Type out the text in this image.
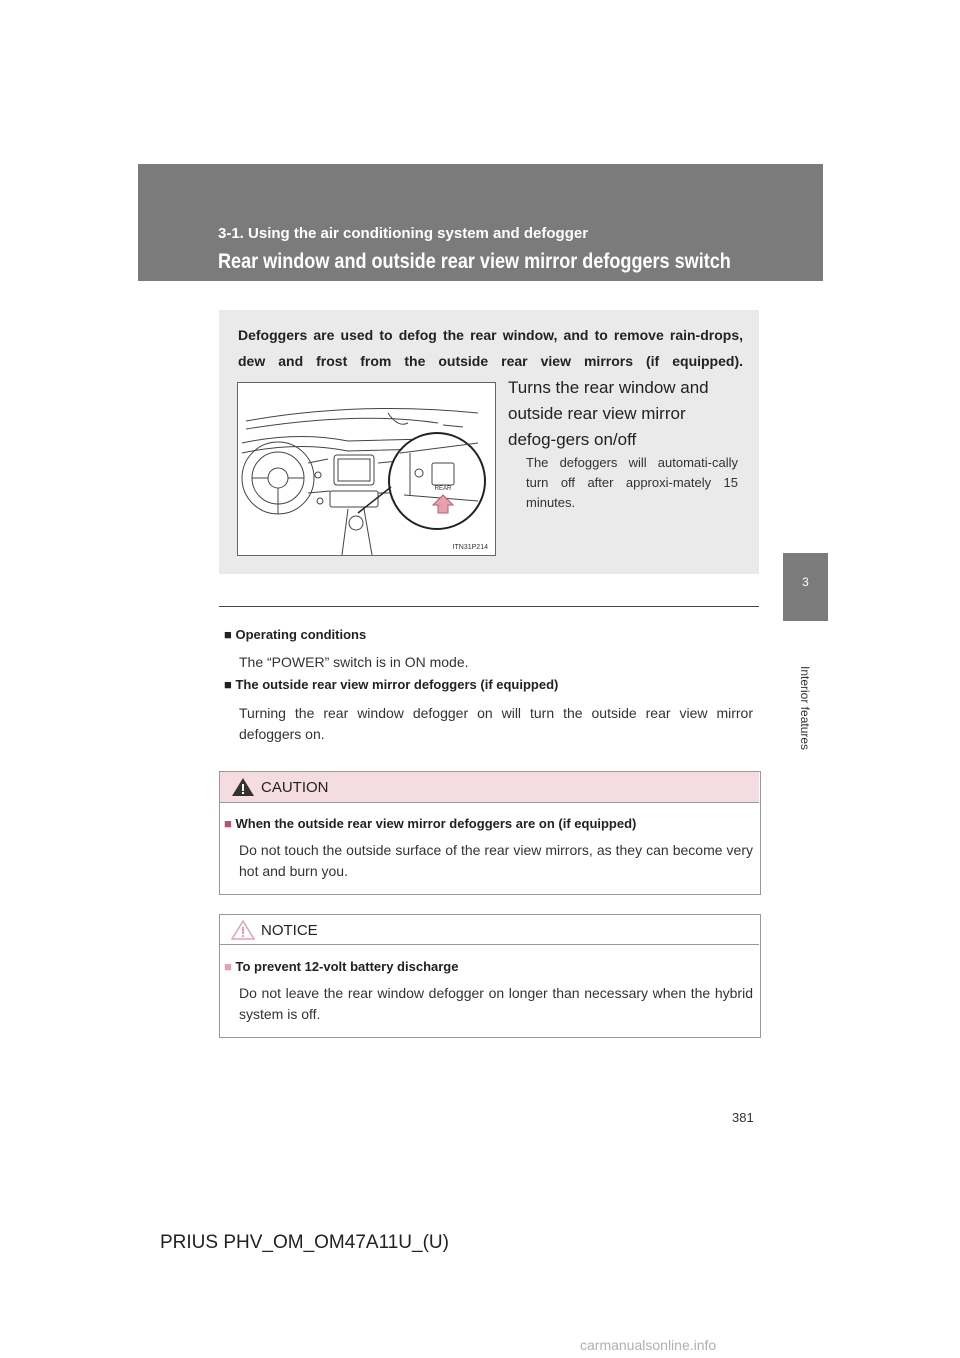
3-1. Using the air conditioning system and defogger
Rear window and outside rear view mirror defoggers switch
3
Interior features
Defoggers are used to defog the rear window, and to remove rain-drops, dew and frost from the outside rear view mirrors (if equipped).
REAR
ITN31P214
Turns the rear window and outside rear view mirror defog-gers on/off
The defoggers will automati-cally turn off after approxi-mately 15 minutes.
■ Operating conditions
The “POWER” switch is in ON mode.
■ The outside rear view mirror defoggers (if equipped)
Turning the rear window defogger on will turn the outside rear view mirror defoggers on.
CAUTION
■ When the outside rear view mirror defoggers are on (if equipped)
Do not touch the outside surface of the rear view mirrors, as they can become very hot and burn you.
NOTICE
■ To prevent 12-volt battery discharge
Do not leave the rear window defogger on longer than necessary when the hybrid system is off.
381
PRIUS PHV_OM_OM47A11U_(U)
carmanualsonline.info
